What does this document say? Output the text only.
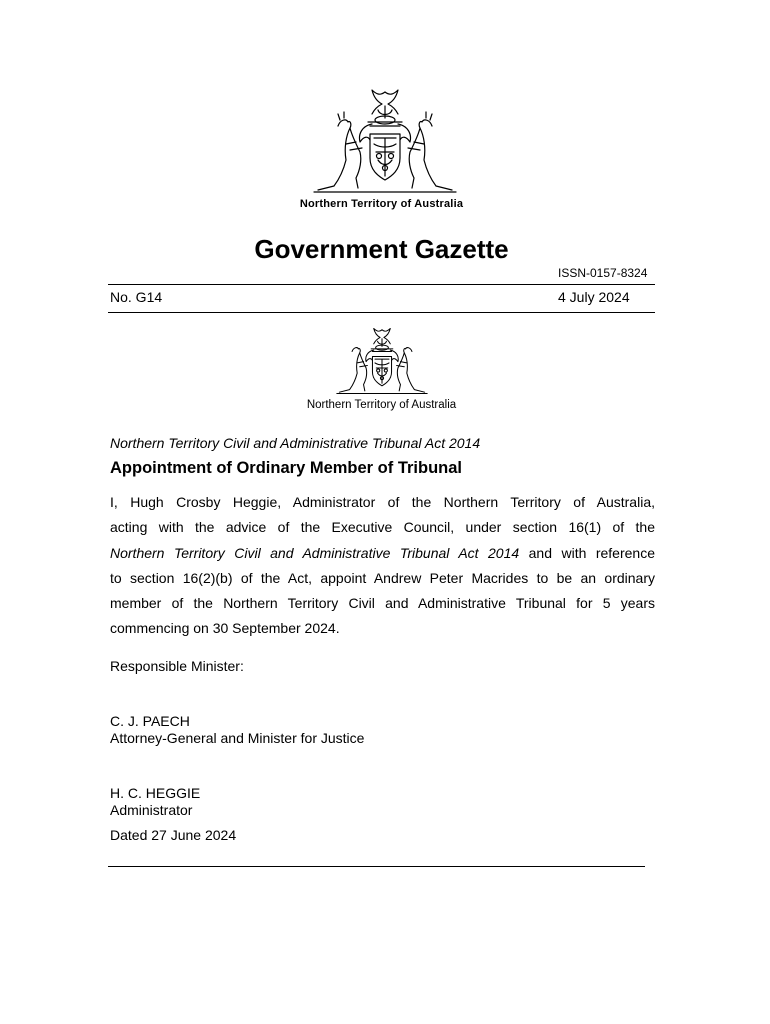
Northern Territory of Australia
Government Gazette
ISSN-0157-8324
No. G14	4 July 2024
Northern Territory of Australia
Northern Territory Civil and Administrative Tribunal Act 2014
Appointment of Ordinary Member of Tribunal
I, Hugh Crosby Heggie, Administrator of the Northern Territory of Australia,
acting with the advice of the Executive Council, under section 16(1) of the
Northern Territory Civil and Administrative Tribunal Act 2014 and with reference
to section 16(2)(b) of the Act, appoint Andrew Peter Macrides to be an ordinary
member of the Northern Territory Civil and Administrative Tribunal for 5 years
commencing on 30 September 2024.
Responsible Minister:
C. J. PAECH
Attorney-General and Minister for Justice
H. C. HEGGIE
Administrator
Dated 27 June 2024
